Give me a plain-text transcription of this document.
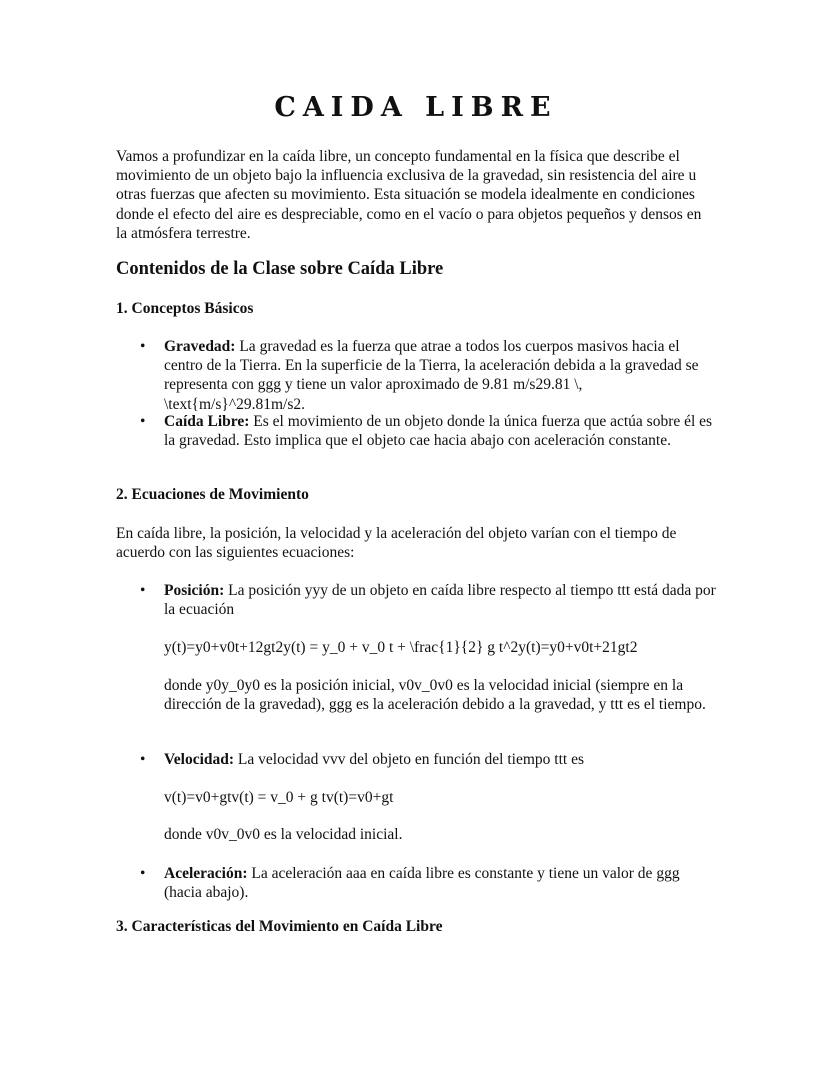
CAIDA LIBRE

Vamos a profundizar en la caída libre, un concepto fundamental en la física que describe el movimiento de un objeto bajo la influencia exclusiva de la gravedad, sin resistencia del aire u otras fuerzas que afecten su movimiento. Esta situación se modela idealmente en condiciones donde el efecto del aire es despreciable, como en el vacío o para objetos pequeños y densos en la atmósfera terrestre.

Contenidos de la Clase sobre Caída Libre
1. Conceptos Básicos
• Gravedad: La gravedad es la fuerza que atrae a todos los cuerpos masivos hacia el centro de la Tierra. En la superficie de la Tierra, la aceleración debida a la gravedad se representa con ggg y tiene un valor aproximado de 9.81 m/s29.81 \, \text{m/s}^29.81m/s2.
• Caída Libre: Es el movimiento de un objeto donde la única fuerza que actúa sobre él es la gravedad. Esto implica que el objeto cae hacia abajo con aceleración constante.
2. Ecuaciones de Movimiento

En caída libre, la posición, la velocidad y la aceleración del objeto varían con el tiempo de acuerdo con las siguientes ecuaciones:

• Posición: La posición yyy de un objeto en caída libre respecto al tiempo ttt está dada por la ecuación

y(t)=y0+v0t+12gt2y(t) = y_0 + v_0 t + \frac{1}{2} g t^2y(t)=y0+v0t+21gt2

donde y0y_0y0 es la posición inicial, v0v_0v0 es la velocidad inicial (siempre en la dirección de la gravedad), ggg es la aceleración debido a la gravedad, y ttt es el tiempo.

• Velocidad: La velocidad vvv del objeto en función del tiempo ttt es

v(t)=v0+gtv(t) = v_0 + g tv(t)=v0+gt

donde v0v_0v0 es la velocidad inicial.

• Aceleración: La aceleración aaa en caída libre es constante y tiene un valor de ggg (hacia abajo).
3. Características del Movimiento en Caída Libre
